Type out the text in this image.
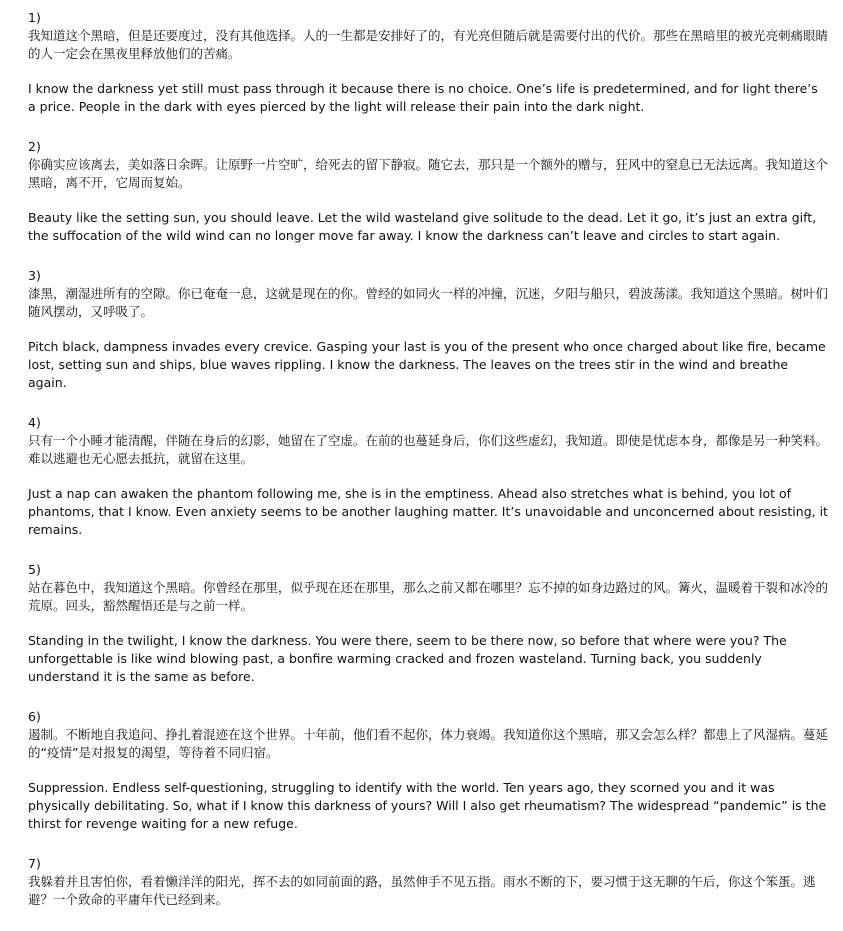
1)

我知道这个黑暗，但是还要度过，没有其他选择。人的一生都是安排好了的，有光亮但随后就是需要付出的代价。那些在黑暗里的被光亮刺痛眼睛的人一定会在黑夜里释放他们的苦痛。

I know the darkness yet still must pass through it because there is no choice. One’s life is predetermined, and for light there’s a price. People in the dark with eyes pierced by the light will release their pain into the dark night.

2)

你确实应该离去，美如落日余晖。让原野一片空旷，给死去的留下静寂。随它去，那只是一个额外的赠与，狂风中的窒息已无法远离。我知道这个黑暗，离不开，它周而复始。

Beauty like the setting sun, you should leave. Let the wild wasteland give solitude to the dead. Let it go, it’s just an extra gift, the suffocation of the wild wind can no longer move far away. I know the darkness can’t leave and circles to start again.

3)

漆黑，潮湿进所有的空隙。你已奄奄一息，这就是现在的你。曾经的如同火一样的冲撞，沉迷，夕阳与船只，碧波荡漾。我知道这个黑暗。树叶们随风摆动，又呼吸了。

Pitch black, dampness invades every crevice. Gasping your last is you of the present who once charged about like fire, became lost, setting sun and ships, blue waves rippling. I know the darkness. The leaves on the trees stir in the wind and breathe again.

4)

只有一个小睡才能清醒，伴随在身后的幻影，她留在了空虚。在前的也蔓延身后，你们这些虚幻，我知道。即使是忧虑本身，都像是另一种笑料。难以逃避也无心愿去抵抗，就留在这里。

Just a nap can awaken the phantom following me, she is in the emptiness. Ahead also stretches what is behind, you lot of phantoms, that I know. Even anxiety seems to be another laughing matter. It’s unavoidable and unconcerned about resisting, it remains.

5)

站在暮色中，我知道这个黑暗。你曾经在那里，似乎现在还在那里，那么之前又都在哪里？忘不掉的如身边路过的风。篝火，温暖着干裂和冰冷的荒原。回头，豁然醒悟还是与之前一样。

Standing in the twilight, I know the darkness. You were there, seem to be there now, so before that where were you? The unforgettable is like wind blowing past, a bonfire warming cracked and frozen wasteland. Turning back, you suddenly understand it is the same as before.

6)

遏制。不断地自我追问、挣扎着混迹在这个世界。十年前，他们看不起你，体力衰竭。我知道你这个黑暗，那又会怎么样？都患上了风湿病。蔓延的“疫情”是对报复的渴望，等待着不同归宿。

Suppression. Endless self-questioning, struggling to identify with the world. Ten years ago, they scorned you and it was physically debilitating. So, what if I know this darkness of yours? Will I also get rheumatism? The widespread “pandemic” is the thirst for revenge waiting for a new refuge.

7)

我躲着并且害怕你，看着懒洋洋的阳光，挥不去的如同前面的路，虽然伸手不见五指。雨水不断的下，要习惯于这无聊的午后，你这个笨蛋。逃避？一个致命的平庸年代已经到来。
